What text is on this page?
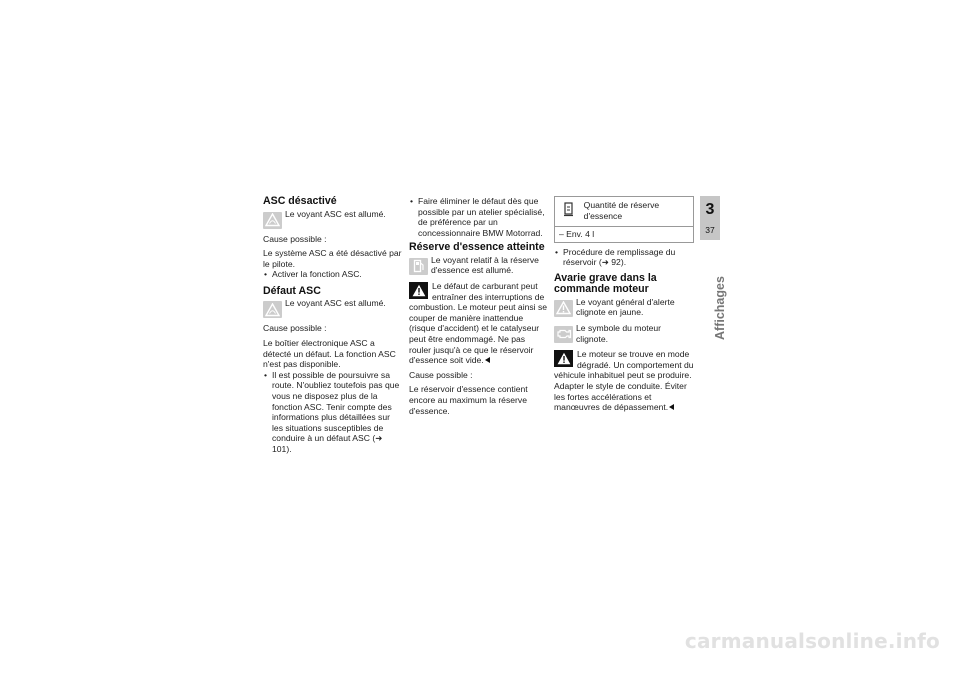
ASC désactivé
Le voyant ASC est allumé.

Cause possible :

Le système ASC a été désactivé par le pilote.

• Activer la fonction ASC.
Défaut ASC
Le voyant ASC est allumé.

Cause possible :

Le boîtier électronique ASC a détecté un défaut. La fonction ASC n'est pas disponible.

• Il est possible de poursuivre sa route. N'oubliez toutefois pas que vous ne disposez plus de la fonction ASC. Tenir compte des informations plus détaillées sur les situations susceptibles de conduire à un défaut ASC (➜ 101).
• Faire éliminer le défaut dès que possible par un atelier spécialisé, de préférence par un concessionnaire BMW Motorrad.
Réserve d'essence atteinte
Le voyant relatif à la réserve d'essence est allumé.
Le défaut de carburant peut entraîner des interruptions de combustion. Le moteur peut ainsi se couper de manière inattendue (risque d'accident) et le catalyseur peut être endommagé. Ne pas rouler jusqu'à ce que le réservoir d'essence soit vide.

Cause possible :

Le réservoir d'essence contient encore au maximum la réserve d'essence.

Quantité de réserve d'essence
– Env. 4 l
• Procédure de remplissage du réservoir (➜ 92).
Avarie grave dans la commande moteur
Le voyant général d'alerte clignote en jaune.
Le symbole du moteur clignote.
Le moteur se trouve en mode dégradé. Un comportement du véhicule inhabituel peut se produire.

Adapter le style de conduite. Éviter les fortes accélérations et manœuvres de dépassement.

3
37
Affichages
carmanualsonline.info
